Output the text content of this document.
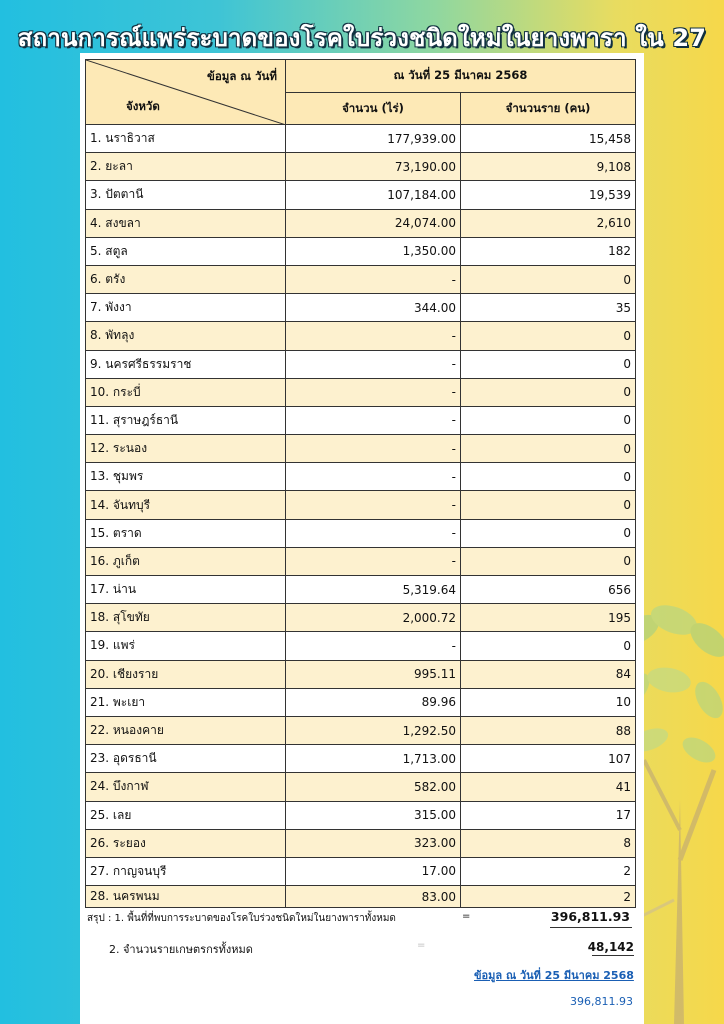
สถานการณ์แพร่ระบาดของโรคใบร่วงชนิดใหม่ในยางพารา ใน 27
ข้อมูล ณ วันที่
จังหวัด	ณ วันที่ 25 มีนาคม 2568	
	จำนวน (ไร่)	จำนวนราย (คน)
1. นราธิวาส	177,939.00	15,458
2. ยะลา	73,190.00	9,108
3. ปัตตานี	107,184.00	19,539
4. สงขลา	24,074.00	2,610
5. สตูล	1,350.00	182
6. ตรัง	-	0
7. พังงา	344.00	35
8. พัทลุง	-	0
9. นครศรีธรรมราช	-	0
10. กระบี่	-	0
11. สุราษฎร์ธานี	-	0
12. ระนอง	-	0
13. ชุมพร	-	0
14. จันทบุรี	-	0
15. ตราด	-	0
16. ภูเก็ต	-	0
17. น่าน	5,319.64	656
18. สุโขทัย	2,000.72	195
19. แพร่	-	0
20. เชียงราย	995.11	84
21. พะเยา	89.96	10
22. หนองคาย	1,292.50	88
23. อุดรธานี	1,713.00	107
24. บึงกาฬ	582.00	41
25. เลย	315.00	17
26. ระยอง	323.00	8
27. กาญจนบุรี	17.00	2
28. นครพนม	83.00	2
สรุป : 1. พื้นที่ที่พบการระบาดของโรคใบร่วงชนิดใหม่ในยางพาราทั้งหมด	=	396,811.93
2. จำนวนรายเกษตรกรทั้งหมด	=	48,142
ข้อมูล ณ วันที่ 25 มีนาคม 2568
396,811.93
